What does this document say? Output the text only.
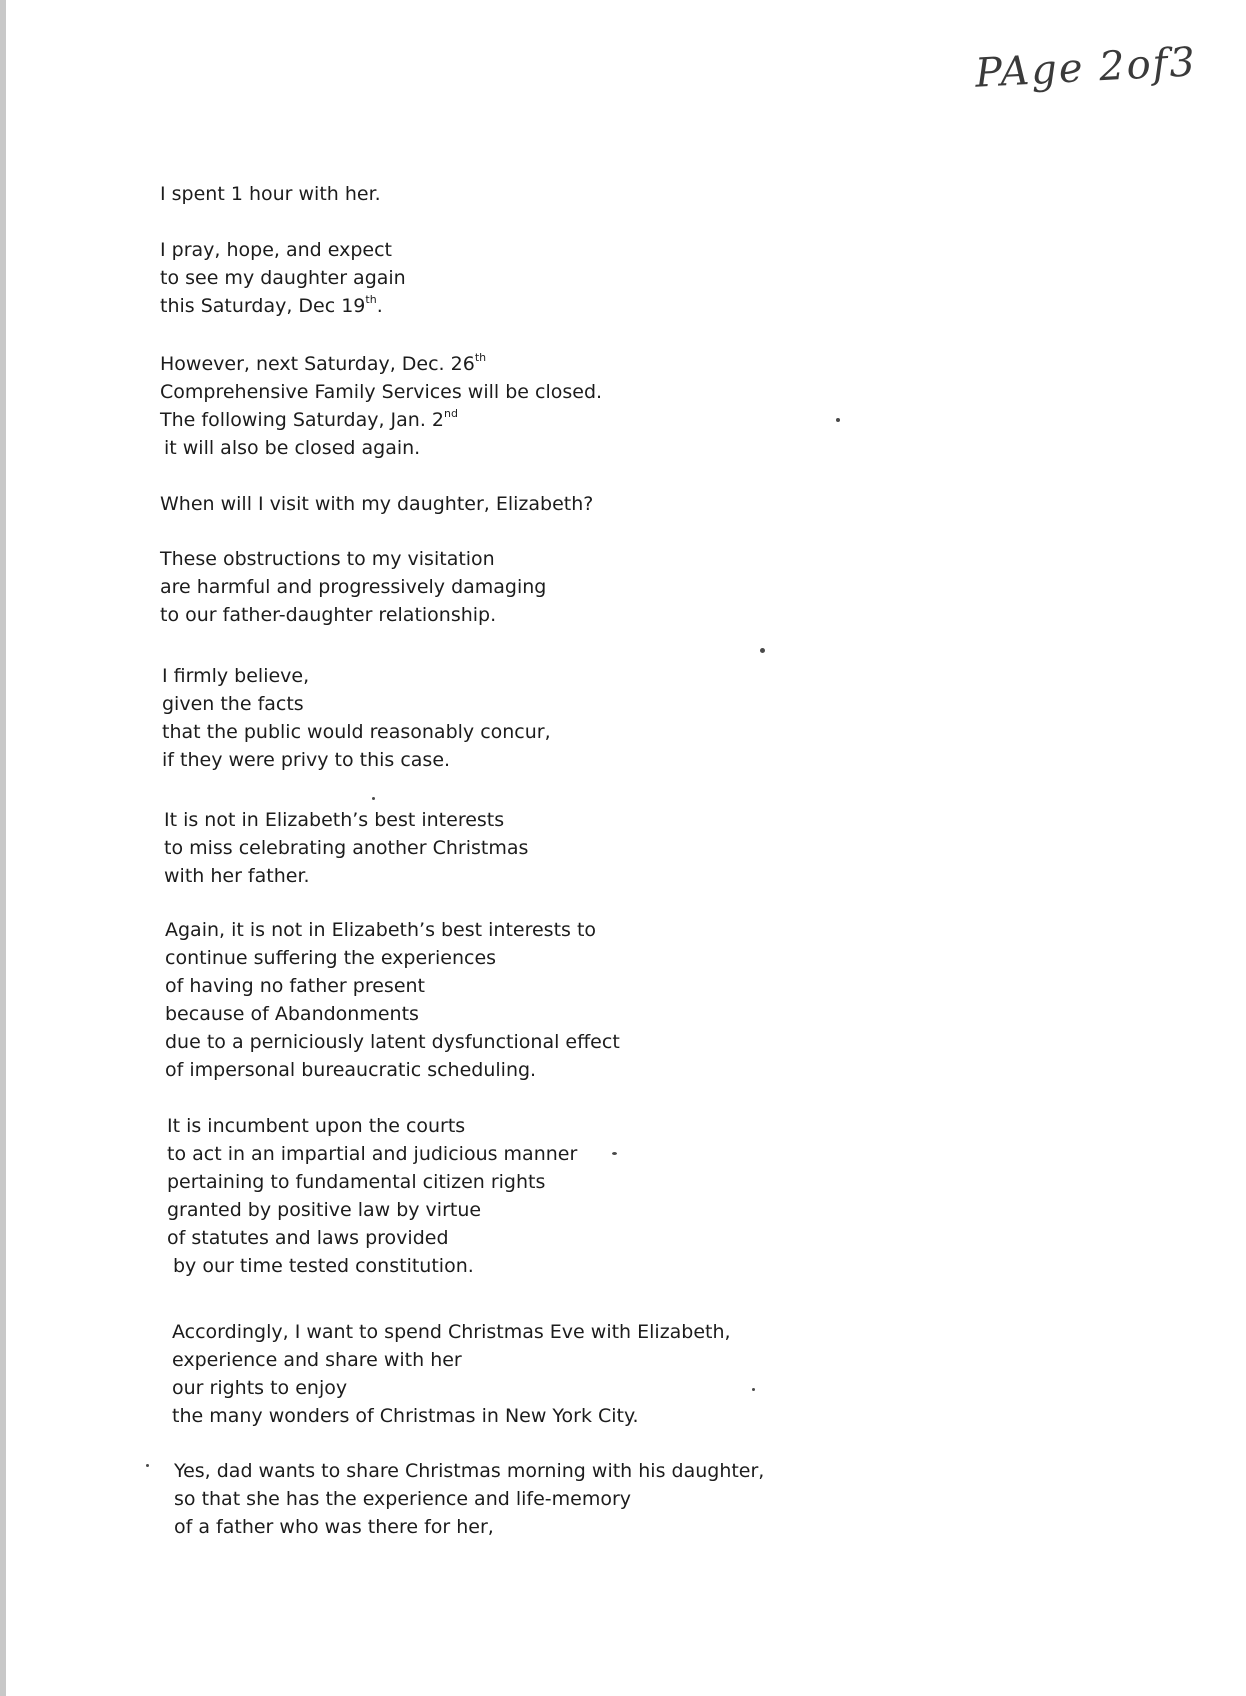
PAge 2of3
I spent 1 hour with her.
I pray, hope, and expect
to see my daughter again
this Saturday, Dec 19th.
However, next Saturday, Dec. 26th
Comprehensive Family Services will be closed.
The following Saturday, Jan. 2nd
it will also be closed again.
When will I visit with my daughter, Elizabeth?
These obstructions to my visitation
are harmful and progressively damaging
to our father-daughter relationship.
I firmly believe,
given the facts
that the public would reasonably concur,
if they were privy to this case.
It is not in Elizabeth’s best interests
to miss celebrating another Christmas
with her father.
Again, it is not in Elizabeth’s best interests to
continue suffering the experiences
of having no father present
because of Abandonments
due to a perniciously latent dysfunctional effect
of impersonal bureaucratic scheduling.
It is incumbent upon the courts
to act in an impartial and judicious manner
pertaining to fundamental citizen rights
granted by positive law by virtue
of statutes and laws provided
by our time tested constitution.
Accordingly, I want to spend Christmas Eve with Elizabeth,
experience and share with her
our rights to enjoy
the many wonders of Christmas in New York City.
Yes, dad wants to share Christmas morning with his daughter,
so that she has the experience and life-memory
of a father who was there for her,
